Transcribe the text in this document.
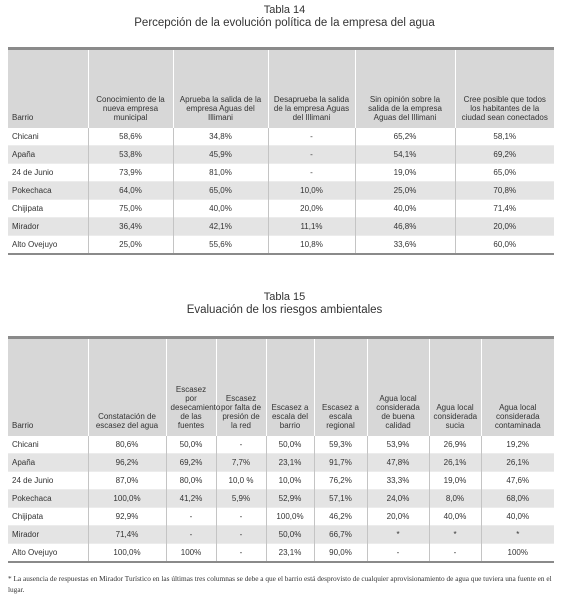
Tabla 14
Percepción de la evolución política de la empresa del agua
Barrio	Conocimiento de la nueva empresa municipal	Aprueba la salida de la empresa Aguas del Illimani	Desaprueba la salida de la empresa Aguas del Illimani	Sin opinión sobre la salida de la empresa Aguas del Illimani	Cree posible que todos los habitantes de la ciudad sean conectados
Chicani	58,6%	34,8%	-	65,2%	58,1%
Apaña	53,8%	45,9%	-	54,1%	69,2%
24 de Junio	73,9%	81,0%	-	19,0%	65,0%
Pokechaca	64,0%	65,0%	10,0%	25,0%	70,8%
Chijipata	75,0%	40,0%	20,0%	40,0%	71,4%
Mirador	36,4%	42,1%	11,1%	46,8%	20,0%
Alto Ovejuyo	25,0%	55,6%	10,8%	33,6%	60,0%
Tabla 15
Evaluación de los riesgos ambientales
Barrio	Constatación de escasez del agua	Escasez por desecamiento de las fuentes	Escasez por falta de presión de la red	Escasez a escala del barrio	Escasez a escala regional	Agua local considerada de buena calidad	Agua local considerada sucia	Agua local considerada contaminada
Chicani	80,6%	50,0%	-	50,0%	59,3%	53,9%	26,9%	19,2%
Apaña	96,2%	69,2%	7,7%	23,1%	91,7%	47,8%	26,1%	26,1%
24 de Junio	87,0%	80,0%	10,0 %	10,0%	76,2%	33,3%	19,0%	47,6%
Pokechaca	100,0%	41,2%	5,9%	52,9%	57,1%	24,0%	8,0%	68,0%
Chijipata	92,9%	-	-	100,0%	46,2%	20,0%	40,0%	40,0%
Mirador	71,4%	-	-	50,0%	66,7%	*	*	*
Alto Ovejuyo	100,0%	100%	-	23,1%	90,0%	-	-	100%
* La ausencia de respuestas en Mirador Turístico en las últimas tres columnas se debe a que el barrio está desprovisto de cualquier aprovisionamiento de agua que tuviera una fuente en el lugar.
